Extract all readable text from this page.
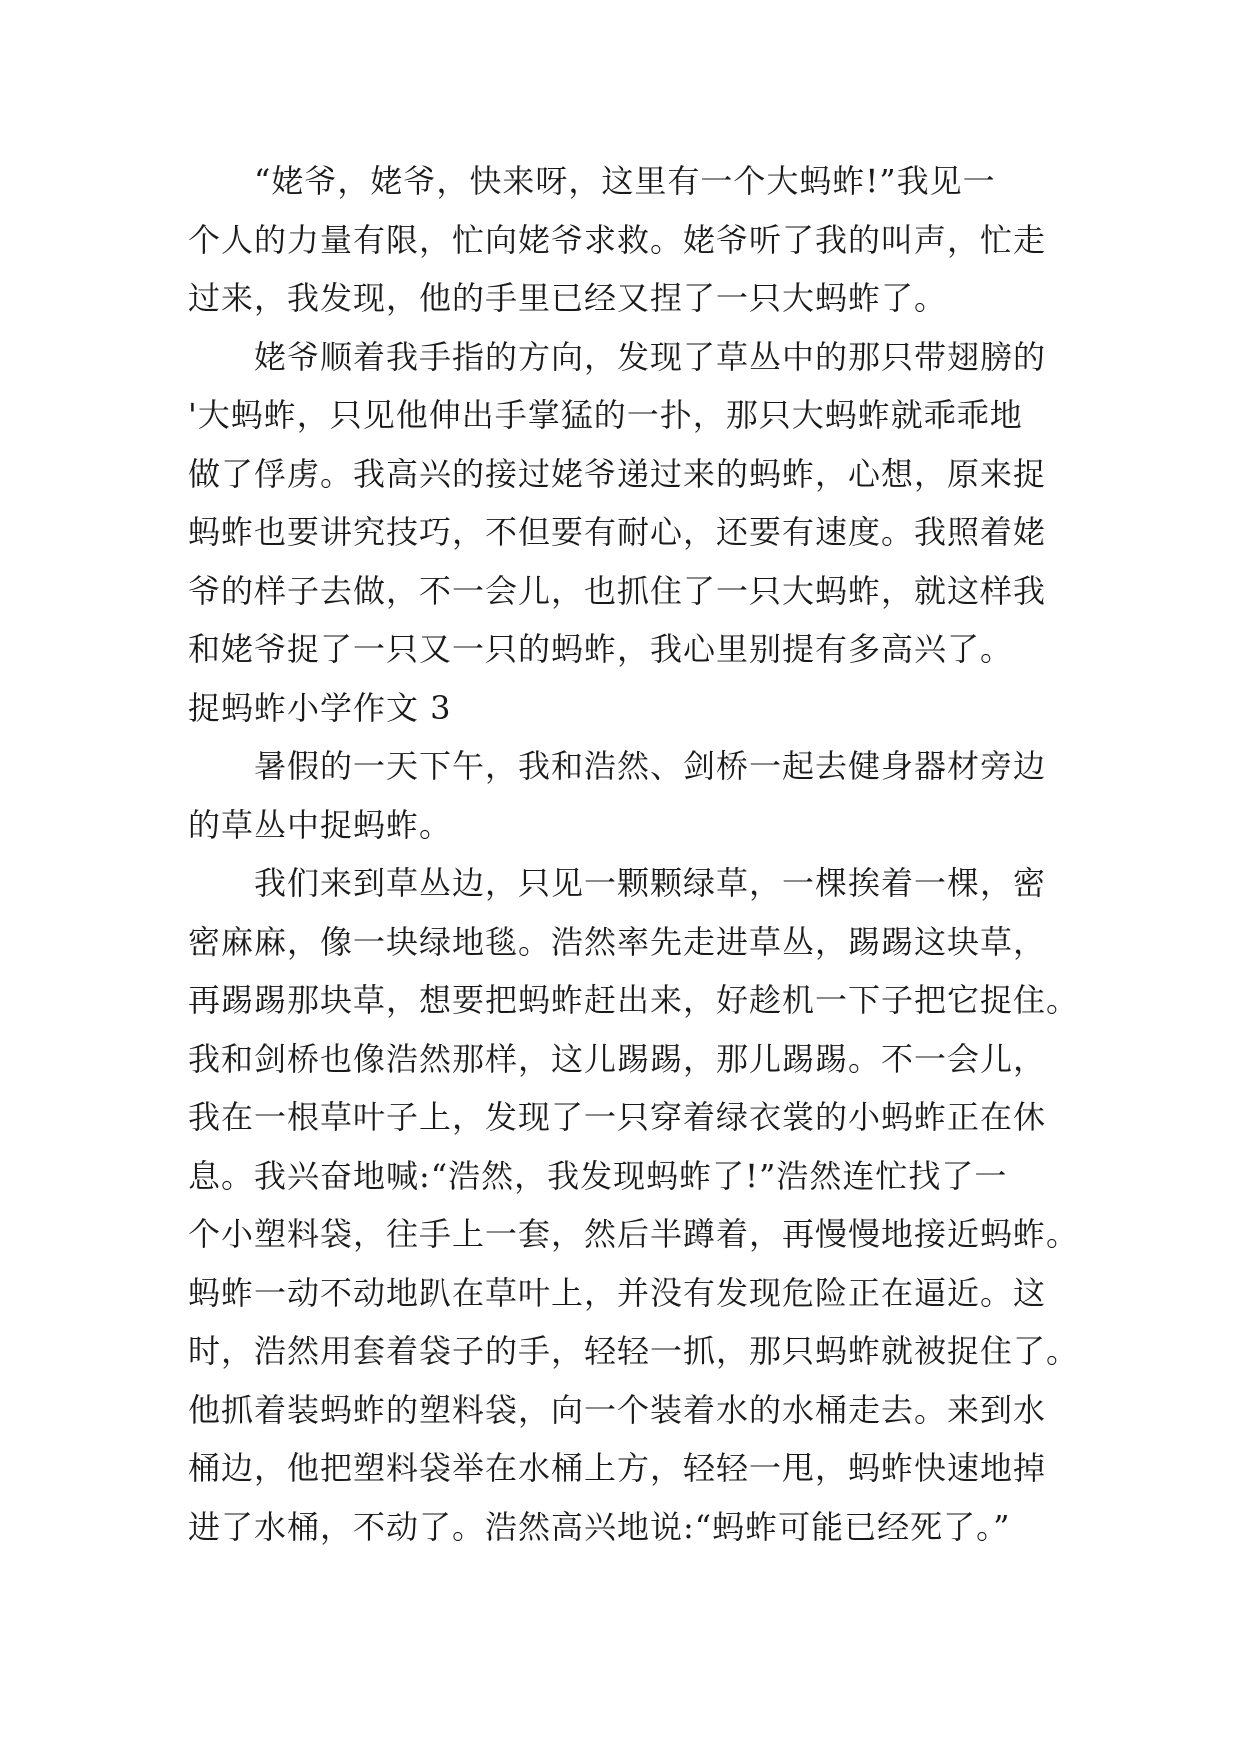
“姥爷，姥爷，快来呀，这里有一个大蚂蚱!”我见一
个人的力量有限，忙向姥爷求救。姥爷听了我的叫声，忙走
过来，我发现，他的手里已经又捏了一只大蚂蚱了。
姥爷顺着我手指的方向，发现了草丛中的那只带翅膀的
'大蚂蚱，只见他伸出手掌猛的一扑，那只大蚂蚱就乖乖地
做了俘虏。我高兴的接过姥爷递过来的蚂蚱，心想，原来捉
蚂蚱也要讲究技巧，不但要有耐心，还要有速度。我照着姥
爷的样子去做，不一会儿，也抓住了一只大蚂蚱，就这样我
和姥爷捉了一只又一只的蚂蚱，我心里别提有多高兴了。
捉蚂蚱小学作文 3
暑假的一天下午，我和浩然、剑桥一起去健身器材旁边
的草丛中捉蚂蚱。
我们来到草丛边，只见一颗颗绿草，一棵挨着一棵，密
密麻麻，像一块绿地毯。浩然率先走进草丛，踢踢这块草，
再踢踢那块草，想要把蚂蚱赶出来，好趁机一下子把它捉住。
我和剑桥也像浩然那样，这儿踢踢，那儿踢踢。不一会儿，
我在一根草叶子上，发现了一只穿着绿衣裳的小蚂蚱正在休
息。我兴奋地喊:“浩然，我发现蚂蚱了!”浩然连忙找了一
个小塑料袋，往手上一套，然后半蹲着，再慢慢地接近蚂蚱。
蚂蚱一动不动地趴在草叶上，并没有发现危险正在逼近。这
时，浩然用套着袋子的手，轻轻一抓，那只蚂蚱就被捉住了。
他抓着装蚂蚱的塑料袋，向一个装着水的水桶走去。来到水
桶边，他把塑料袋举在水桶上方，轻轻一甩，蚂蚱快速地掉
进了水桶，不动了。浩然高兴地说:“蚂蚱可能已经死了。”
